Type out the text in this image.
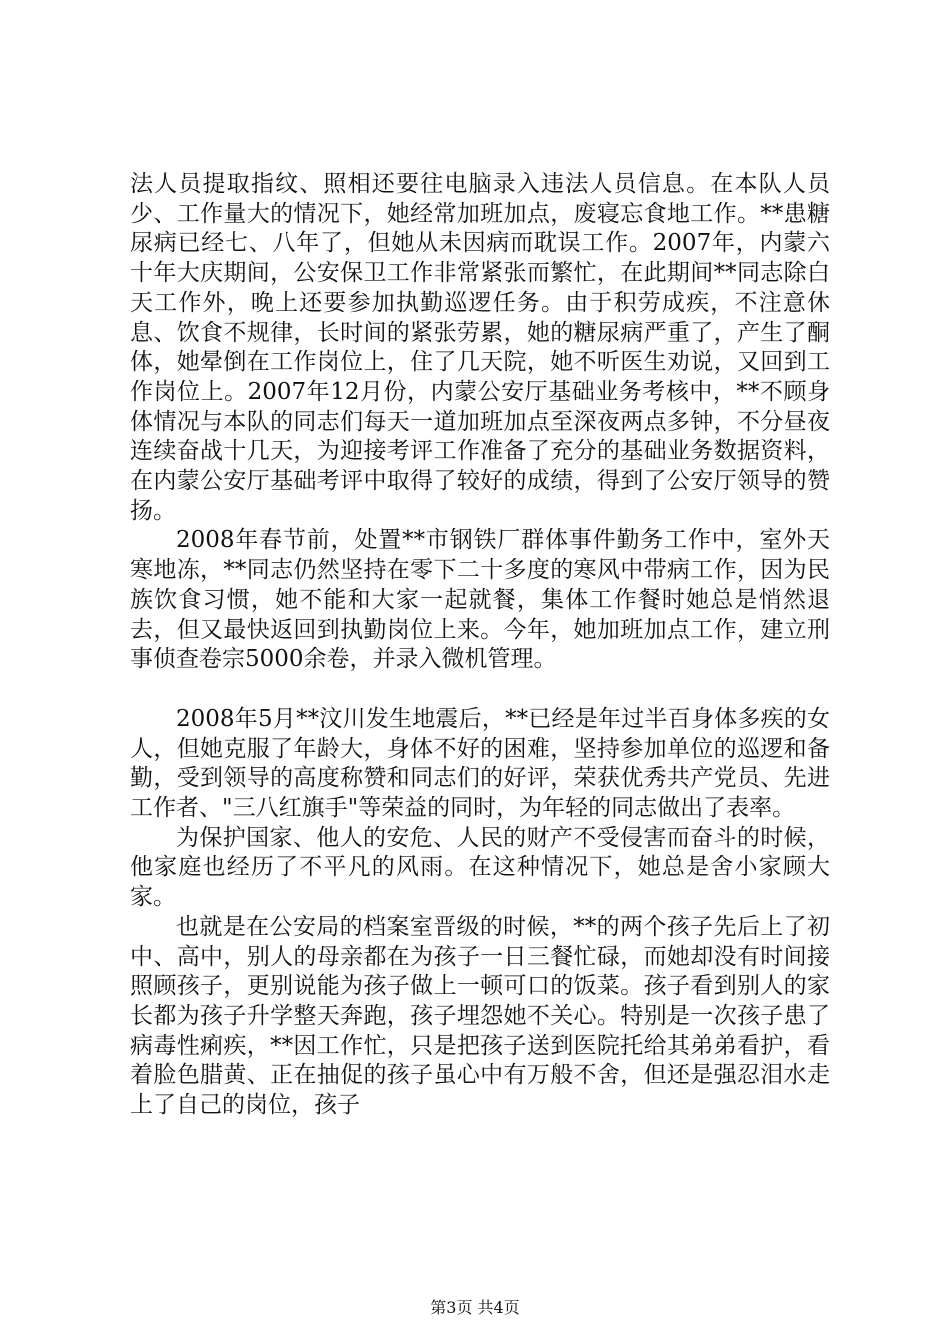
法人员提取指纹、照相还要往电脑录入违法人员信息。在本队人员少、工作量大的情况下，她经常加班加点，废寝忘食地工作。**患糖尿病已经七、八年了，但她从未因病而耽误工作。2007年，内蒙六十年大庆期间，公安保卫工作非常紧张而繁忙，在此期间**同志除白天工作外，晚上还要参加执勤巡逻任务。由于积劳成疾，不注意休息、饮食不规律，长时间的紧张劳累，她的糖尿病严重了，产生了酮体，她晕倒在工作岗位上，住了几天院，她不听医生劝说，又回到工作岗位上。2007年12月份，内蒙公安厅基础业务考核中，**不顾身体情况与本队的同志们每天一道加班加点至深夜两点多钟，不分昼夜连续奋战十几天，为迎接考评工作准备了充分的基础业务数据资料，在内蒙公安厅基础考评中取得了较好的成绩，得到了公安厅领导的赞扬。

2008年春节前，处置**市钢铁厂群体事件勤务工作中，室外天寒地冻，**同志仍然坚持在零下二十多度的寒风中带病工作，因为民族饮食习惯，她不能和大家一起就餐，集体工作餐时她总是悄然退去，但又最快返回到执勤岗位上来。今年，她加班加点工作，建立刑事侦查卷宗5000余卷，并录入微机管理。

2008年5月**汶川发生地震后，**已经是年过半百身体多疾的女人，但她克服了年龄大，身体不好的困难，坚持参加单位的巡逻和备勤，受到领导的高度称赞和同志们的好评，荣获优秀共产党员、先进工作者、"三八红旗手"等荣益的同时，为年轻的同志做出了表率。

为保护国家、他人的安危、人民的财产不受侵害而奋斗的时候，他家庭也经历了不平凡的风雨。在这种情况下，她总是舍小家顾大家。

也就是在公安局的档案室晋级的时候，**的两个孩子先后上了初中、高中，别人的母亲都在为孩子一日三餐忙碌，而她却没有时间接照顾孩子，更别说能为孩子做上一顿可口的饭菜。孩子看到别人的家长都为孩子升学整天奔跑，孩子埋怨她不关心。特别是一次孩子患了病毒性痢疾，**因工作忙，只是把孩子送到医院托给其弟弟看护，看着脸色腊黄、正在抽促的孩子虽心中有万般不舍，但还是强忍泪水走上了自己的岗位，孩子

第3页 共4页
